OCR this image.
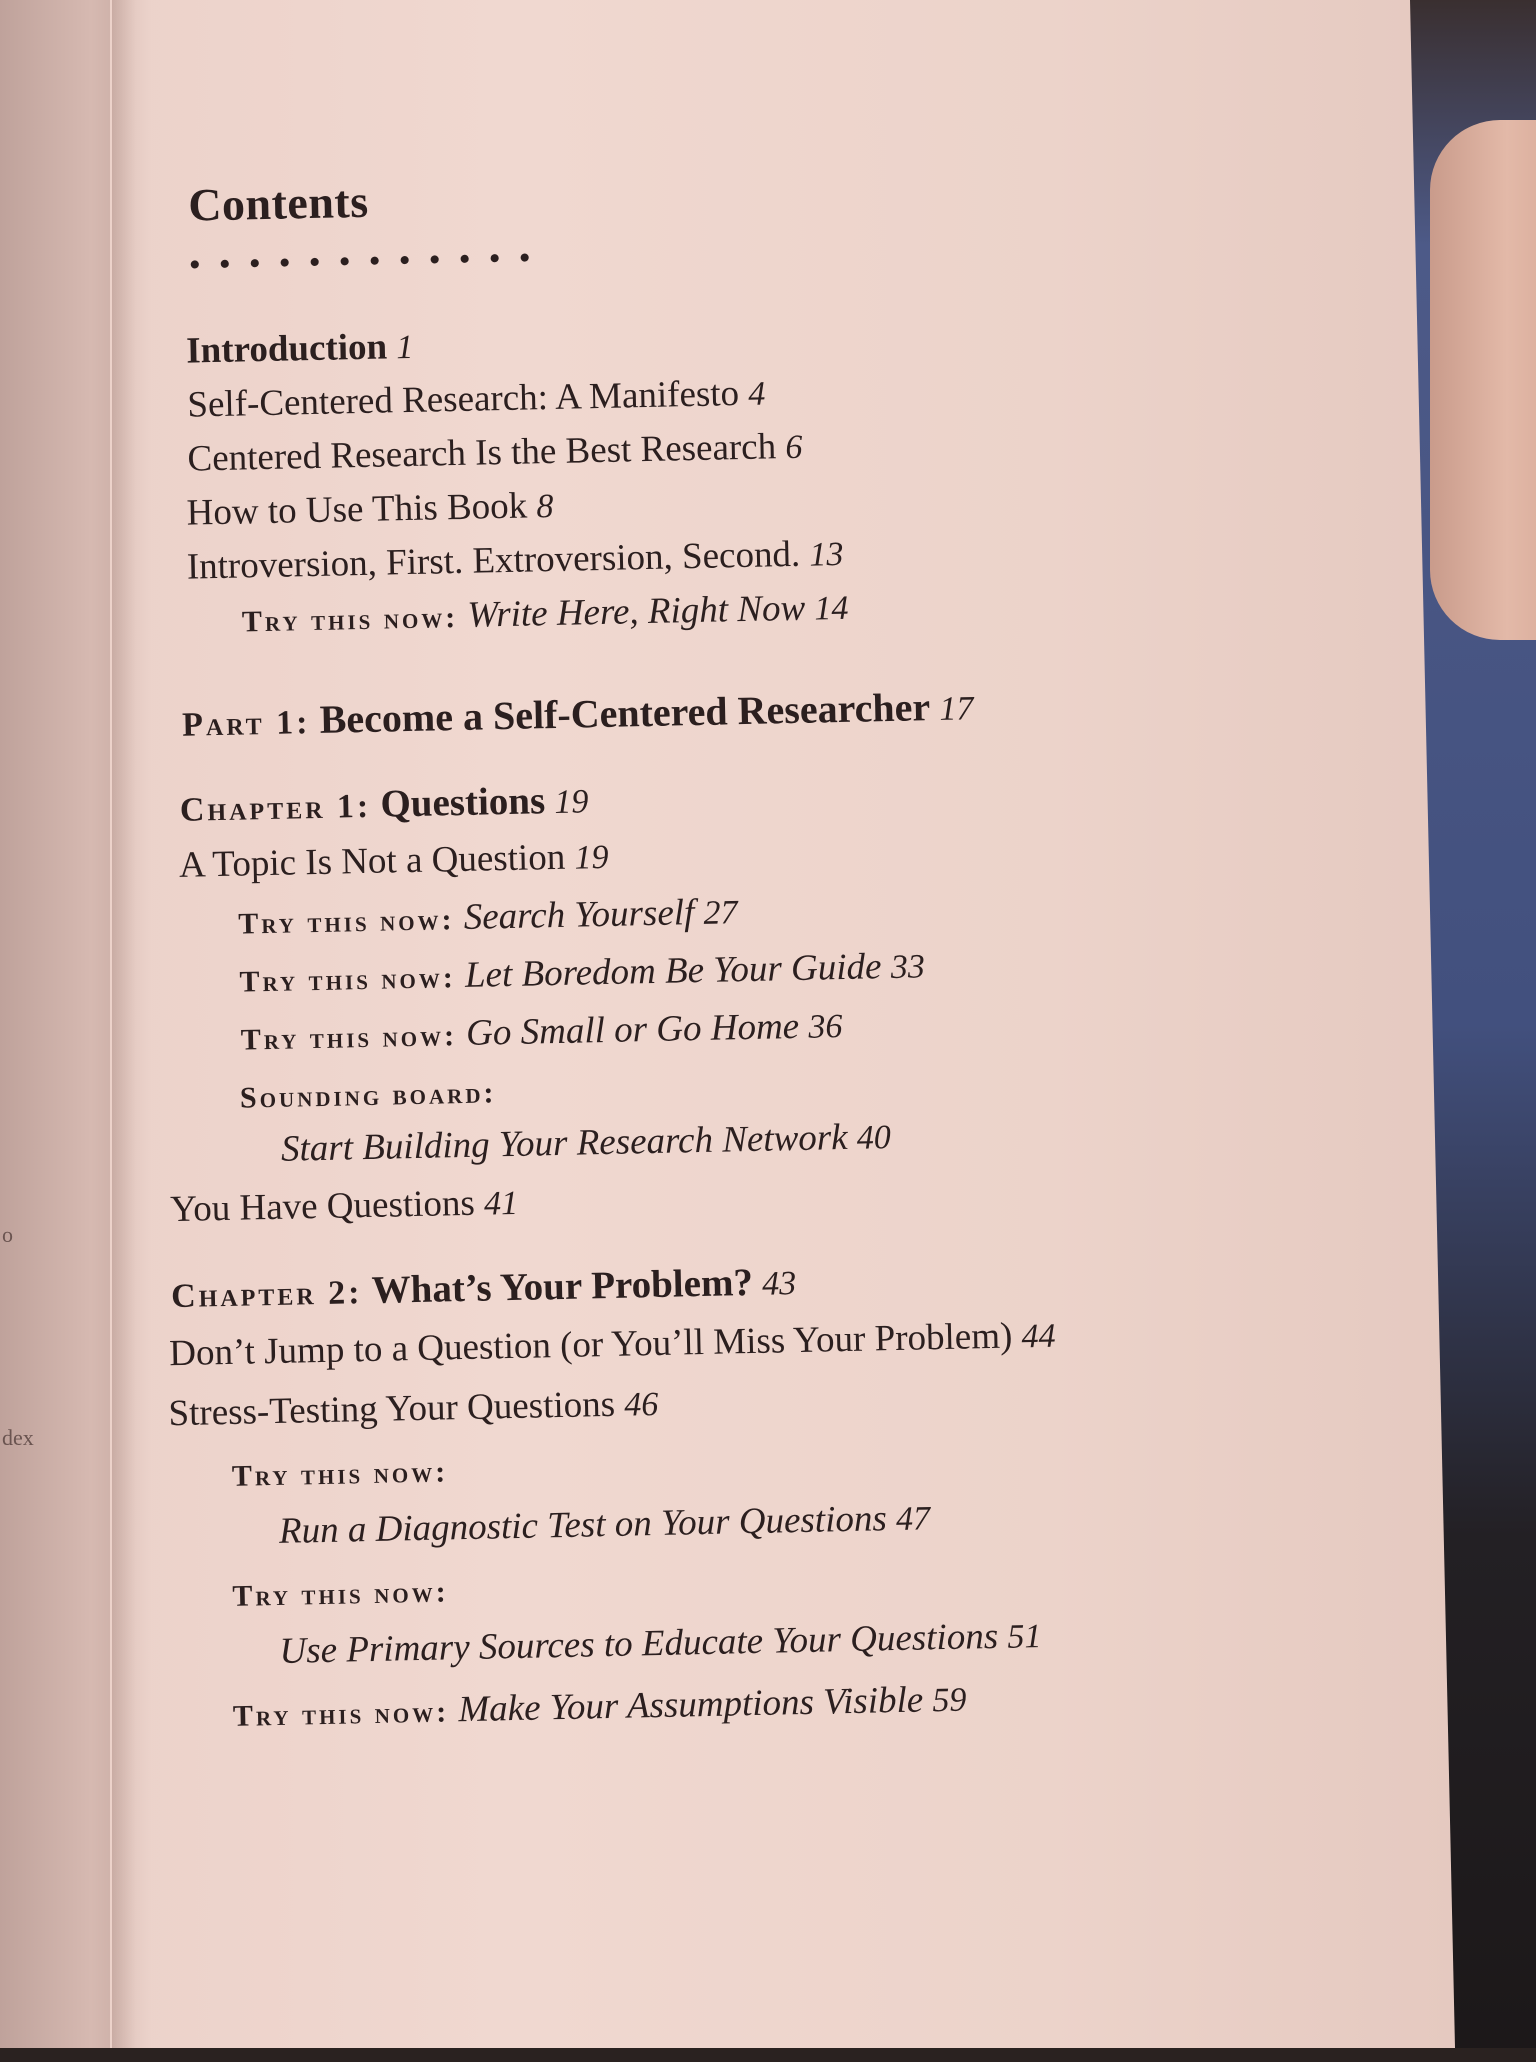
o
dex
Contents
• • • • • • • • • • • •
Introduction 1
Self-Centered Research: A Manifesto 4
Centered Research Is the Best Research 6
How to Use This Book 8
Introversion, First. Extroversion, Second. 13
Try this now: Write Here, Right Now 14
Part 1: Become a Self-Centered Researcher 17
Chapter 1: Questions 19
A Topic Is Not a Question 19
Try this now: Search Yourself 27
Try this now: Let Boredom Be Your Guide 33
Try this now: Go Small or Go Home 36
Sounding board:
Start Building Your Research Network 40
You Have Questions 41
Chapter 2: What’s Your Problem? 43
Don’t Jump to a Question (or You’ll Miss Your Problem) 44
Stress-Testing Your Questions 46
Try this now:
Run a Diagnostic Test on Your Questions 47
Try this now:
Use Primary Sources to Educate Your Questions 51
Try this now: Make Your Assumptions Visible 59
